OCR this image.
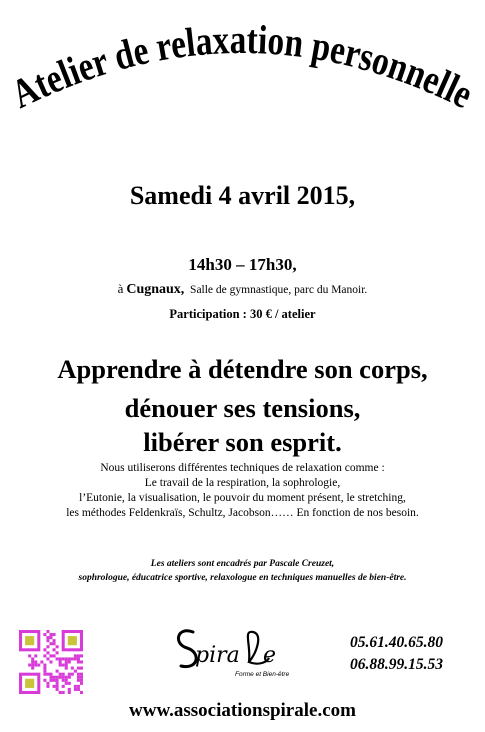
Atelier de relaxation personnelle
Samedi 4 avril 2015,
14h30 – 17h30,
à Cugnaux, Salle de gymnastique, parc du Manoir.
Participation : 30 € / atelier
Apprendre à détendre son corps,
dénouer ses tensions,
libérer son esprit.
Nous utiliserons différentes techniques de relaxation comme :
Le travail de la respiration, la sophrologie,
l’Eutonie, la visualisation, le pouvoir du moment présent, le stretching,
les méthodes Feldenkraïs, Schultz, Jacobson…… En fonction de nos besoin.
Les ateliers sont encadrés par Pascale Creuzet,
sophrologue, éducatrice sportive, relaxologue en techniques manuelles de bien-être.
pira e
Forme et Bien-être
05.61.40.65.80
06.88.99.15.53
www.associationspirale.com
